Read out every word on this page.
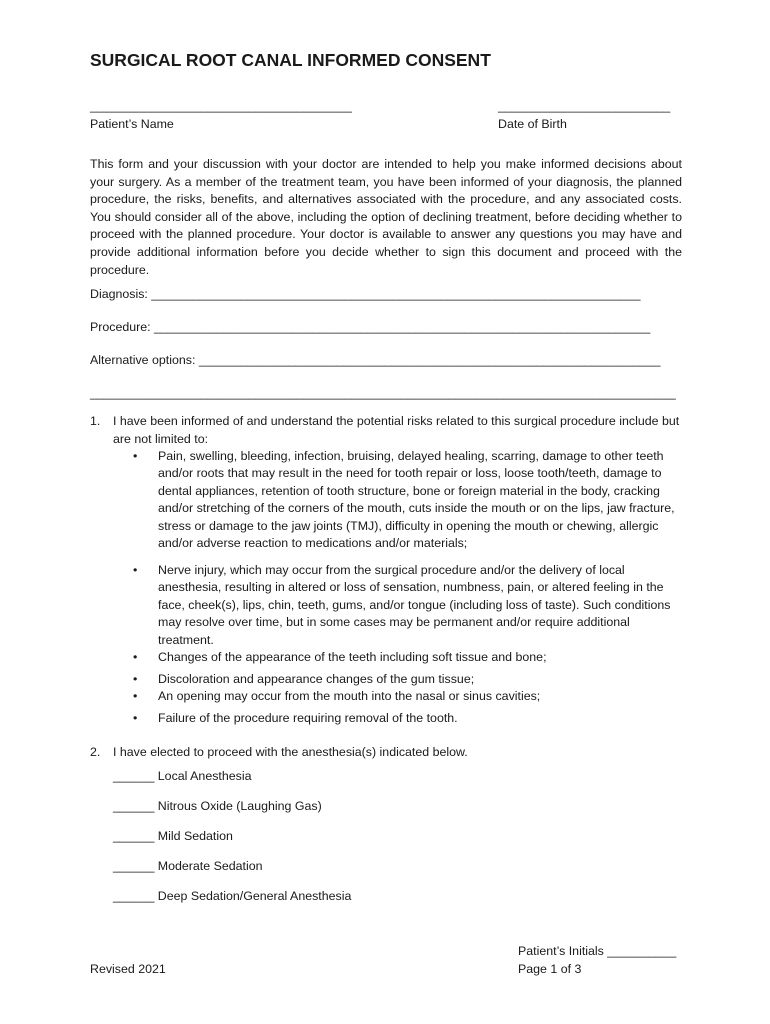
SURGICAL ROOT CANAL INFORMED CONSENT
______________________________________
Patient’s Name
_________________________
Date of Birth
This form and your discussion with your doctor are intended to help you make informed decisions about your surgery. As a member of the treatment team, you have been informed of your diagnosis, the planned procedure, the risks, benefits, and alternatives associated with the procedure, and any associated costs. You should consider all of the above, including the option of declining treatment, before deciding whether to proceed with the planned procedure. Your doctor is available to answer any questions you may have and provide additional information before you decide whether to sign this document and proceed with the procedure.
Diagnosis: _______________________________________________________________________
Procedure: ________________________________________________________________________
Alternative options: ___________________________________________________________________
_____________________________________________________________________________________
1. I have been informed of and understand the potential risks related to this surgical procedure include but are not limited to:
• Pain, swelling, bleeding, infection, bruising, delayed healing, scarring, damage to other teeth and/or roots that may result in the need for tooth repair or loss, loose tooth/teeth, damage to dental appliances, retention of tooth structure, bone or foreign material in the body, cracking and/or stretching of the corners of the mouth, cuts inside the mouth or on the lips, jaw fracture, stress or damage to the jaw joints (TMJ), difficulty in opening the mouth or chewing, allergic and/or adverse reaction to medications and/or materials;
• Nerve injury, which may occur from the surgical procedure and/or the delivery of local anesthesia, resulting in altered or loss of sensation, numbness, pain, or altered feeling in the face, cheek(s), lips, chin, teeth, gums, and/or tongue (including loss of taste). Such conditions may resolve over time, but in some cases may be permanent and/or require additional treatment.
• Changes of the appearance of the teeth including soft tissue and bone;
• Discoloration and appearance changes of the gum tissue;
• An opening may occur from the mouth into the nasal or sinus cavities;
• Failure of the procedure requiring removal of the tooth.
2. I have elected to proceed with the anesthesia(s) indicated below.
______ Local Anesthesia
______ Nitrous Oxide (Laughing Gas)
______ Mild Sedation
______ Moderate Sedation
______ Deep Sedation/General Anesthesia
Patient’s Initials __________
Revised 2021	Page 1 of 3
